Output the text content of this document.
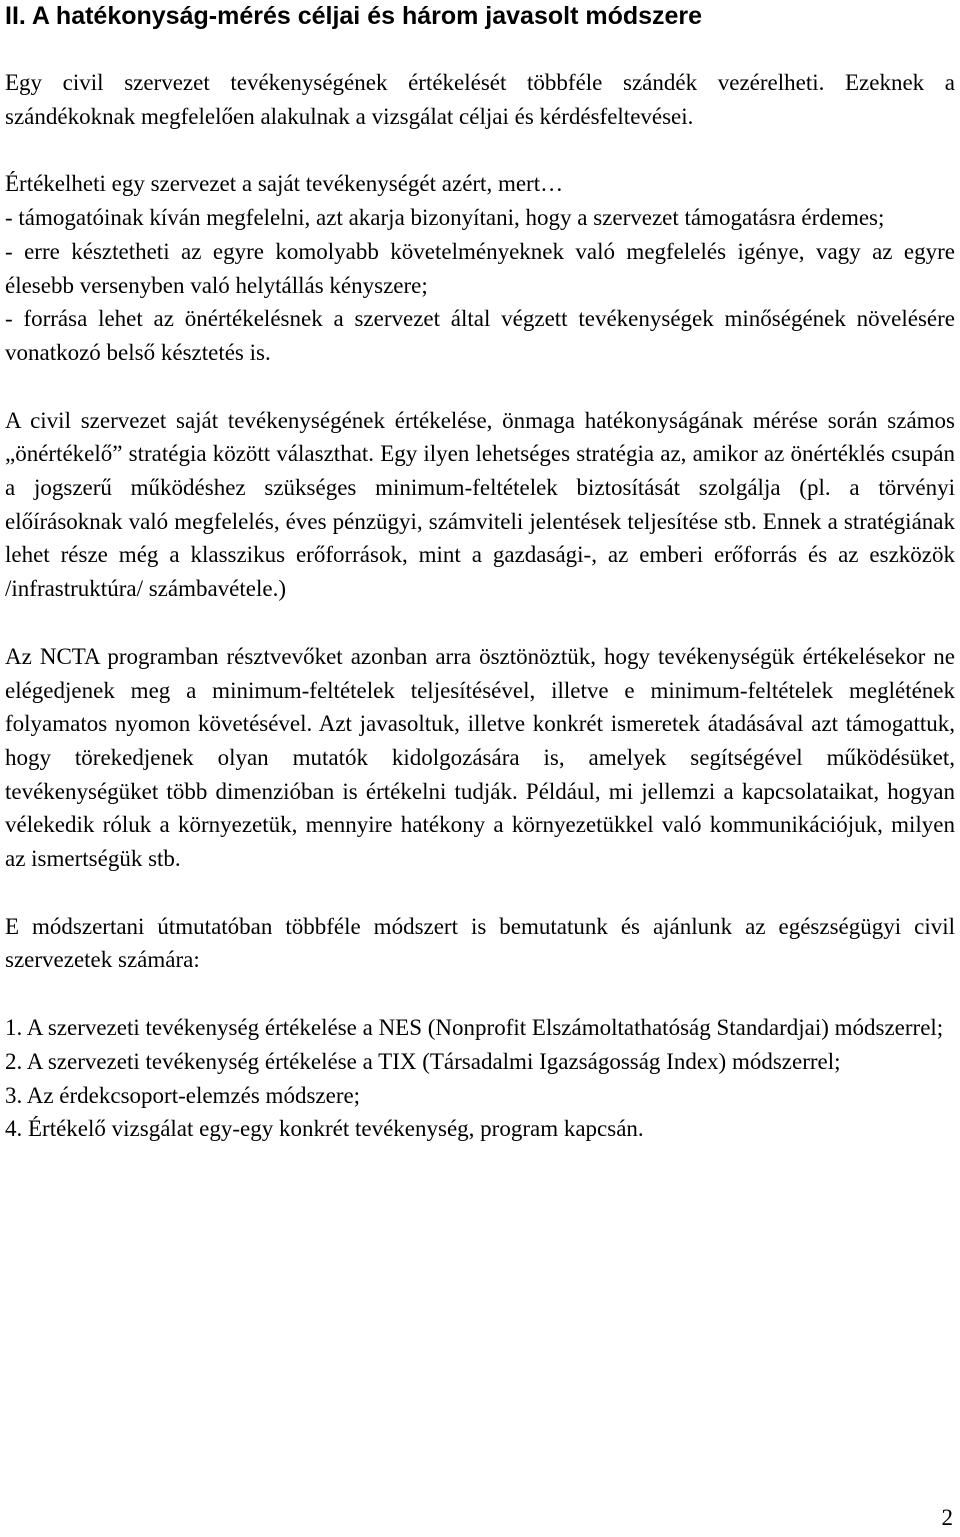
II. A hatékonyság-mérés céljai és három javasolt módszere

Egy civil szervezet tevékenységének értékelését többféle szándék vezérelheti. Ezeknek a szándékoknak megfelelően alakulnak a vizsgálat céljai és kérdésfeltevései.

Értékelheti egy szervezet a saját tevékenységét azért, mert…
- támogatóinak kíván megfelelni, azt akarja bizonyítani, hogy a szervezet támogatásra érdemes;
- erre késztetheti az egyre komolyabb követelményeknek való megfelelés igénye, vagy az egyre élesebb versenyben való helytállás kényszere;
- forrása lehet az önértékelésnek a szervezet által végzett tevékenységek minőségének növelésére vonatkozó belső késztetés is.

A civil szervezet saját tevékenységének értékelése, önmaga hatékonyságának mérése során számos „önértékelő” stratégia között választhat. Egy ilyen lehetséges stratégia az, amikor az önértéklés csupán a jogszerű működéshez szükséges minimum-feltételek biztosítását szolgálja (pl. a törvényi előírásoknak való megfelelés, éves pénzügyi, számviteli jelentések teljesítése stb. Ennek a stratégiának lehet része még a klasszikus erőforrások, mint a gazdasági-, az emberi erőforrás és az eszközök /infrastruktúra/ számbavétele.)

Az NCTA programban résztvevőket azonban arra ösztönöztük, hogy tevékenységük értékelésekor ne elégedjenek meg a minimum-feltételek teljesítésével, illetve e minimum-feltételek meglétének folyamatos nyomon követésével. Azt javasoltuk, illetve konkrét ismeretek átadásával azt támogattuk, hogy törekedjenek olyan mutatók kidolgozására is, amelyek segítségével működésüket, tevékenységüket több dimenzióban is értékelni tudják. Például, mi jellemzi a kapcsolataikat, hogyan vélekedik róluk a környezetük, mennyire hatékony a környezetükkel való kommunikációjuk, milyen az ismertségük stb.

E módszertani útmutatóban többféle módszert is bemutatunk és ajánlunk az egészségügyi civil szervezetek számára:

1. A szervezeti tevékenység értékelése a NES (Nonprofit Elszámoltathatóság Standardjai) módszerrel;
2. A szervezeti tevékenység értékelése a TIX (Társadalmi Igazságosság Index) módszerrel;
3. Az érdekcsoport-elemzés módszere;
4. Értékelő vizsgálat egy-egy konkrét tevékenység, program kapcsán.
2
